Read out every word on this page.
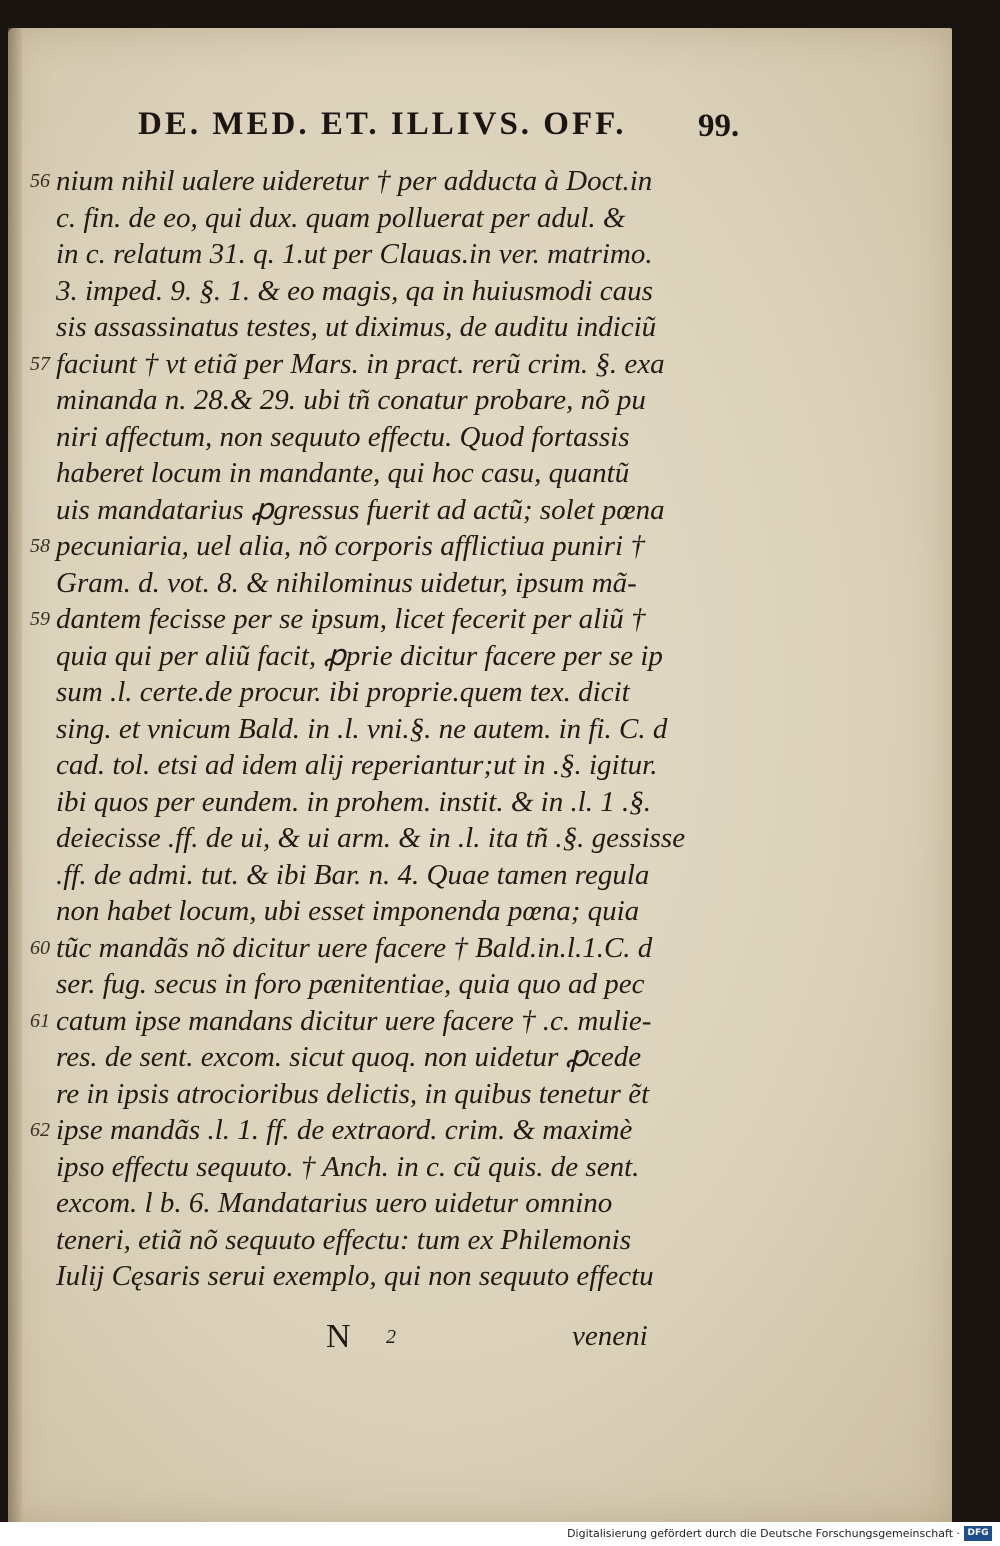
DE. MED. ET. ILLIVS. OFF. 99.
56 nium nihil ualere uideretur † per adducta à Doct.in
c. fin. de eo, qui dux. quam polluerat per adul. &
in c. relatum 31. q. 1.ut per Clauas.in ver. matrimo.
3. imped. 9. §. 1. & eo magis, qa in huiusmodi caus
sis assassinatus testes, ut diximus, de auditu indiciũ
57 faciunt † vt etiã per Mars. in pract. rerũ crim. §. exa
minanda n. 28.& 29. ubi tñ conatur probare, nõ pu
niri affectum, non sequuto effectu. Quod fortassis
haberet locum in mandante, qui hoc casu, quantũ
uis mandatarius ꝓgressus fuerit ad actũ; solet pœna
58 pecuniaria, uel alia, nõ corporis afflictiua puniri †
Gram. d. vot. 8. & nihilominus uidetur, ipsum mã-
59 dantem fecisse per se ipsum, licet fecerit per aliũ †
quia qui per aliũ facit, ꝓprie dicitur facere per se ip
sum .l. certe.de procur. ibi proprie.quem tex. dicit
sing. et vnicum Bald. in .l. vni.§. ne autem. in fi. C. d
cad. tol. etsi ad idem alij reperiantur;ut in .§. igitur.
ibi quos per eundem. in prohem. instit. & in .l. 1 .§.
deiecisse .ff. de ui, & ui arm. & in .l. ita tñ .§. gessisse
.ff. de admi. tut. & ibi Bar. n. 4. Quae tamen regula
non habet locum, ubi esset imponenda pœna; quia
60 tũc mandãs nõ dicitur uere facere † Bald.in.l.1.C. d
ser. fug. secus in foro pænitentiae, quia quo ad pec
61 catum ipse mandans dicitur uere facere † .c. mulie-
res. de sent. excom. sicut quoq. non uidetur ꝓcede
re in ipsis atrocioribus delictis, in quibus tenetur ẽt
62 ipse mandãs .l. 1. ff. de extraord. crim. & maximè
ipso effectu sequuto. † Anch. in c. cũ quis. de sent.
excom. l b. 6. Mandatarius uero uidetur omnino
teneri, etiã nõ sequuto effectu: tum ex Philemonis
Iulij Cęsaris serui exemplo, qui non sequuto effectu
N 2	veneni
Digitalisierung gefördert durch die Deutsche Forschungsgemeinschaft · DFG
